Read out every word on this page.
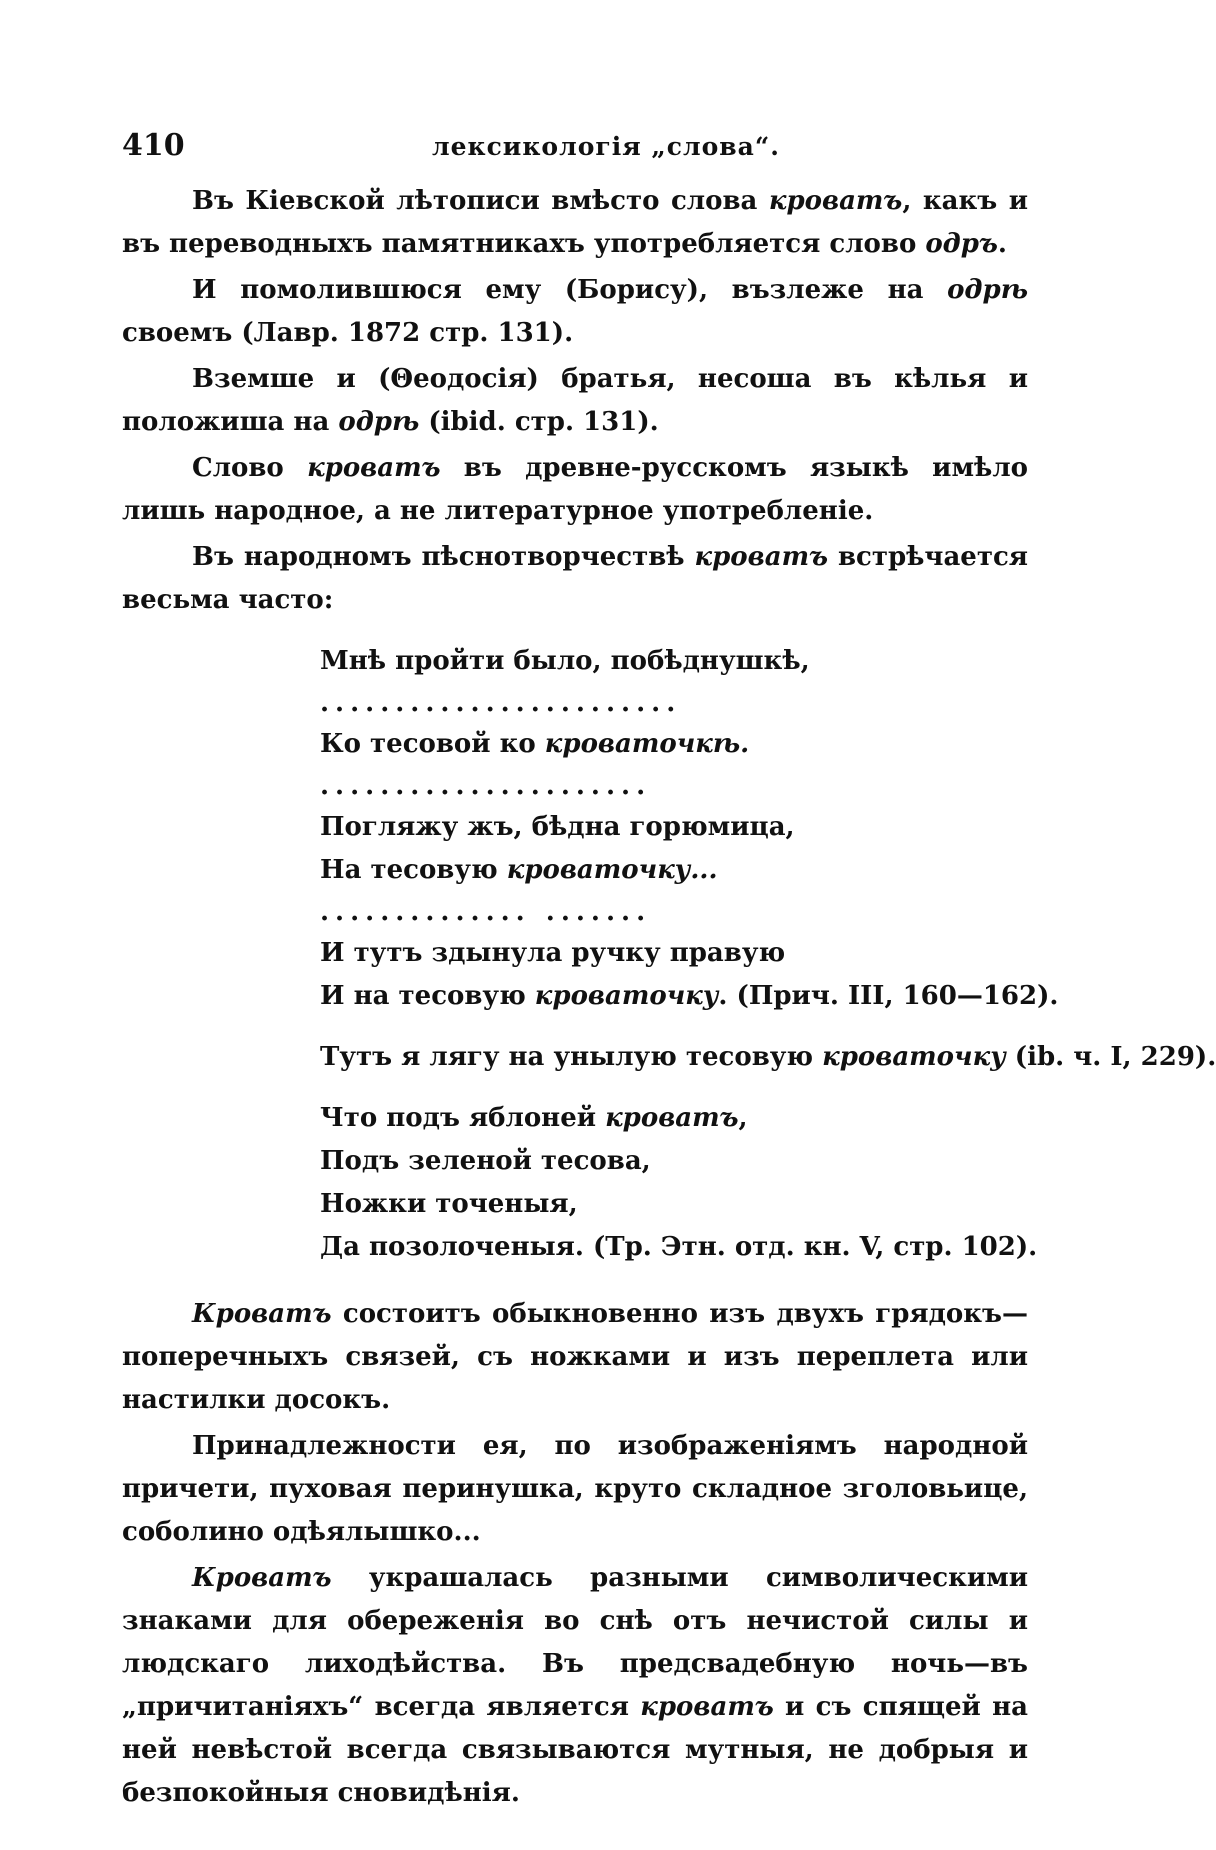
410	лексикологія „слова“.

Въ Кіевской лѣтописи вмѣсто слова кроватъ, какъ и въ переводныхъ памятникахъ употребляется слово одръ.

И помолившюся ему (Борису), възлеже на одрѣ своемъ (Лавр. 1872 стр. 131).

Вземше и (Θеодосія) братья, несоша въ кѣлья и положиша на одрѣ (ibid. стр. 131).

Слово кроватъ въ древне-русскомъ языкѣ имѣло лишь народное, а не литературное употребленіе.

Въ народномъ пѣснотворчествѣ кроватъ встрѣчается весьма часто:

Мнѣ пройти было, побѣднушкѣ,
........................
Ко тесовой ко кроваточкѣ.
......................
Погляжу жъ, бѣдна горюмица,
На тесовую кроваточку...
.............. .......
И тутъ здынула ручку правую
И на тесовую кроваточку. (Прич. III, 160—162).
Тутъ я лягу на унылую тесовую кроваточку (ib. ч. I, 229).
Что подъ яблоней кроватъ,
Подъ зеленой тесова,
Ножки точеныя,
Да позолоченыя. (Тр. Этн. отд. кн. V, стр. 102).

Кроватъ состоитъ обыкновенно изъ двухъ грядокъ—поперечныхъ связей, съ ножками и изъ переплета или настилки досокъ.

Принадлежности ея, по изображеніямъ народной причети, пуховая перинушка, круто складное зголовьице, соболино одѣялышко...

Кроватъ украшалась разными символическими знаками для обереженія во снѣ отъ нечистой силы и людскаго лиходѣйства. Въ предсвадебную ночь—въ „причитаніяхъ“ всегда является кроватъ и съ спящей на ней невѣстой всегда связываются мутныя, не добрыя и безпокойныя сновидѣнія.
